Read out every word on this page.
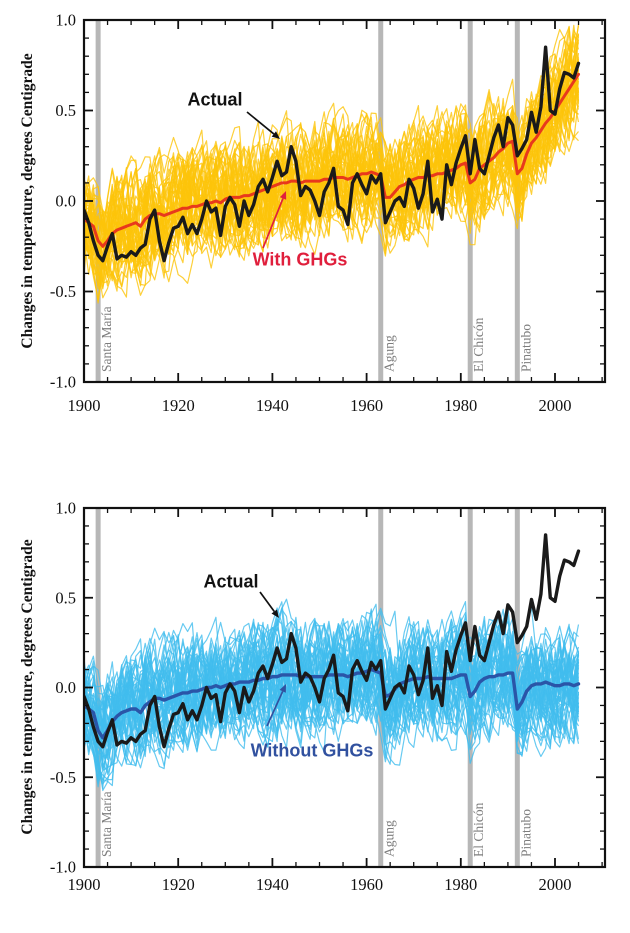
1900	1920	1940	1960	1980	2000
1.0
0.5
0.0
-0.5
-1.0
Santa María	Agung	El Chicón Pinatubo
1900	1920	1940	1960	1980	2000
1.0
0.5
0.0
-0.5
-1.0
Santa María	Agung	El Chicón Pinatubo
Changes in temperature, degrees Centigrade
Changes in temperature, degrees Centigrade
Actual
With GHGs
Actual
Without GHGs
